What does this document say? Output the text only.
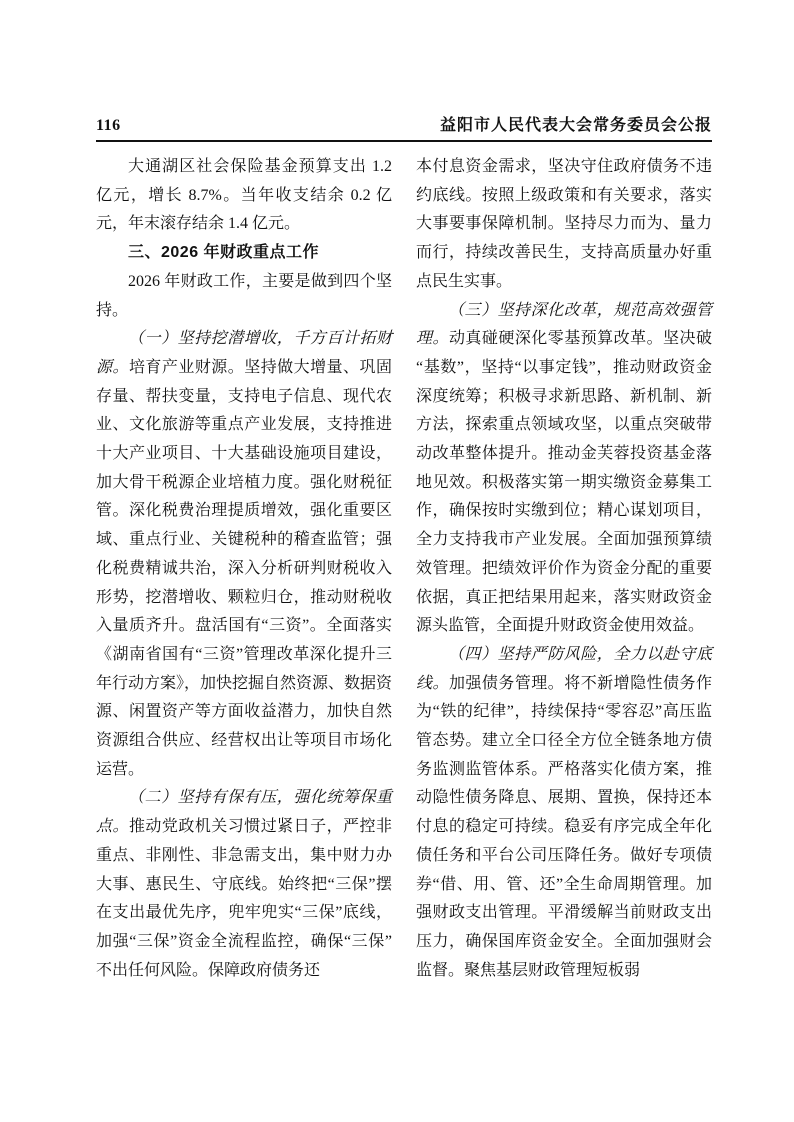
116	益阳市人民代表大会常务委员会公报

大通湖区社会保险基金预算支出 1.2 亿元，增长 8.7%。当年收支结余 0.2 亿元，年末滚存结余 1.4 亿元。

三、2026 年财政重点工作

2026 年财政工作，主要是做到四个坚持。

（一）坚持挖潜增收，千方百计拓财源。培育产业财源。坚持做大增量、巩固存量、帮扶变量，支持电子信息、现代农业、文化旅游等重点产业发展，支持推进十大产业项目、十大基础设施项目建设，加大骨干税源企业培植力度。强化财税征管。深化税费治理提质增效，强化重要区域、重点行业、关键税种的稽查监管；强化税费精诚共治，深入分析研判财税收入形势，挖潜增收、颗粒归仓，推动财税收入量质齐升。盘活国有“三资”。全面落实《湖南省国有“三资”管理改革深化提升三年行动方案》，加快挖掘自然资源、数据资源、闲置资产等方面收益潜力，加快自然资源组合供应、经营权出让等项目市场化运营。

（二）坚持有保有压，强化统筹保重点。推动党政机关习惯过紧日子，严控非重点、非刚性、非急需支出，集中财力办大事、惠民生、守底线。始终把“三保”摆在支出最优先序，兜牢兜实“三保”底线，加强“三保”资金全流程监控，确保“三保”不出任何风险。保障政府债务还

本付息资金需求，坚决守住政府债务不违约底线。按照上级政策和有关要求，落实大事要事保障机制。坚持尽力而为、量力而行，持续改善民生，支持高质量办好重点民生实事。

（三）坚持深化改革，规范高效强管理。动真碰硬深化零基预算改革。坚决破“基数”，坚持“以事定钱”，推动财政资金深度统筹；积极寻求新思路、新机制、新方法，探索重点领域攻坚，以重点突破带动改革整体提升。推动金芙蓉投资基金落地见效。积极落实第一期实缴资金募集工作，确保按时实缴到位；精心谋划项目，全力支持我市产业发展。全面加强预算绩效管理。把绩效评价作为资金分配的重要依据，真正把结果用起来，落实财政资金源头监管，全面提升财政资金使用效益。

（四）坚持严防风险，全力以赴守底线。加强债务管理。将不新增隐性债务作为“铁的纪律”，持续保持“零容忍”高压监管态势。建立全口径全方位全链条地方债务监测监管体系。严格落实化债方案，推动隐性债务降息、展期、置换，保持还本付息的稳定可持续。稳妥有序完成全年化债任务和平台公司压降任务。做好专项债券“借、用、管、还”全生命周期管理。加强财政支出管理。平滑缓解当前财政支出压力，确保国库资金安全。全面加强财会监督。聚焦基层财政管理短板弱
